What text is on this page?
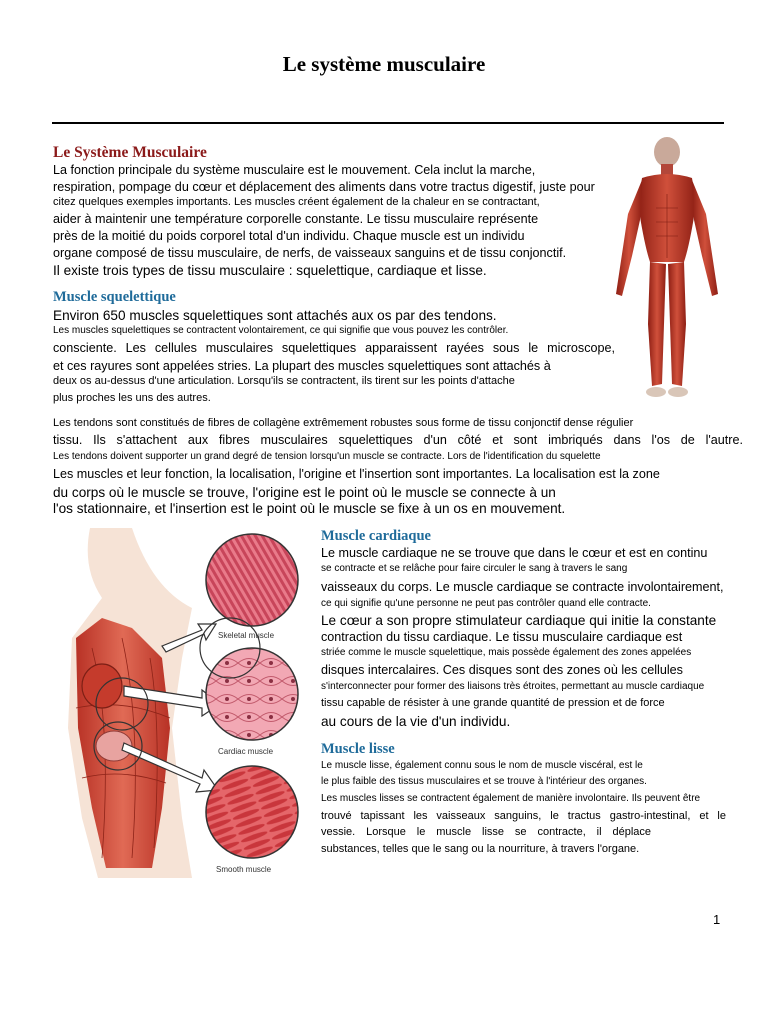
Le système musculaire
Le Système Musculaire
La fonction principale du système musculaire est le mouvement. Cela inclut la marche,
respiration, pompage du cœur et déplacement des aliments dans votre tractus digestif, juste pour
citez quelques exemples importants. Les muscles créent également de la chaleur en se contractant,
aider à maintenir une température corporelle constante. Le tissu musculaire représente
près de la moitié du poids corporel total d'un individu. Chaque muscle est un individu
organe composé de tissu musculaire, de nerfs, de vaisseaux sanguins et de tissu conjonctif.
Il existe trois types de tissu musculaire : squelettique, cardiaque et lisse.
Muscle squelettique
Environ 650 muscles squelettiques sont attachés aux os par des tendons.
Les muscles squelettiques se contractent volontairement, ce qui signifie que vous pouvez les contrôler.
consciente. Les cellules musculaires squelettiques apparaissent rayées sous le microscope,
et ces rayures sont appelées stries. La plupart des muscles squelettiques sont attachés à
deux os au-dessus d'une articulation. Lorsqu'ils se contractent, ils tirent sur les points d'attache
plus proches les uns des autres.
Les tendons sont constitués de fibres de collagène extrêmement robustes sous forme de tissu conjonctif dense régulier
tissu. Ils s'attachent aux fibres musculaires squelettiques d'un côté et sont imbriqués dans l'os de l'autre.
Les tendons doivent supporter un grand degré de tension lorsqu'un muscle se contracte. Lors de l'identification du squelette
Les muscles et leur fonction, la localisation, l'origine et l'insertion sont importantes. La localisation est la zone
du corps où le muscle se trouve, l'origine est le point où le muscle se connecte à un
l'os stationnaire, et l'insertion est le point où le muscle se fixe à un os en mouvement.
Muscle cardiaque
Le muscle cardiaque ne se trouve que dans le cœur et est en continu
se contracte et se relâche pour faire circuler le sang à travers le sang
vaisseaux du corps. Le muscle cardiaque se contracte involontairement,
ce qui signifie qu'une personne ne peut pas contrôler quand elle contracte.
Le cœur a son propre stimulateur cardiaque qui initie la constante
contraction du tissu cardiaque. Le tissu musculaire cardiaque est
striée comme le muscle squelettique, mais possède également des zones appelées
disques intercalaires. Ces disques sont des zones où les cellules
s'interconnecter pour former des liaisons très étroites, permettant au muscle cardiaque
tissu capable de résister à une grande quantité de pression et de force
au cours de la vie d'un individu.
Muscle lisse
Le muscle lisse, également connu sous le nom de muscle viscéral, est le
le plus faible des tissus musculaires et se trouve à l'intérieur des organes.
Les muscles lisses se contractent également de manière involontaire. Ils peuvent être
trouvé tapissant les vaisseaux sanguins, le tractus gastro-intestinal, et le
vessie. Lorsque le muscle lisse se contracte, il déplace
substances, telles que le sang ou la nourriture, à travers l'organe.
1
Skeletal muscle
Cardiac muscle
Smooth muscle
